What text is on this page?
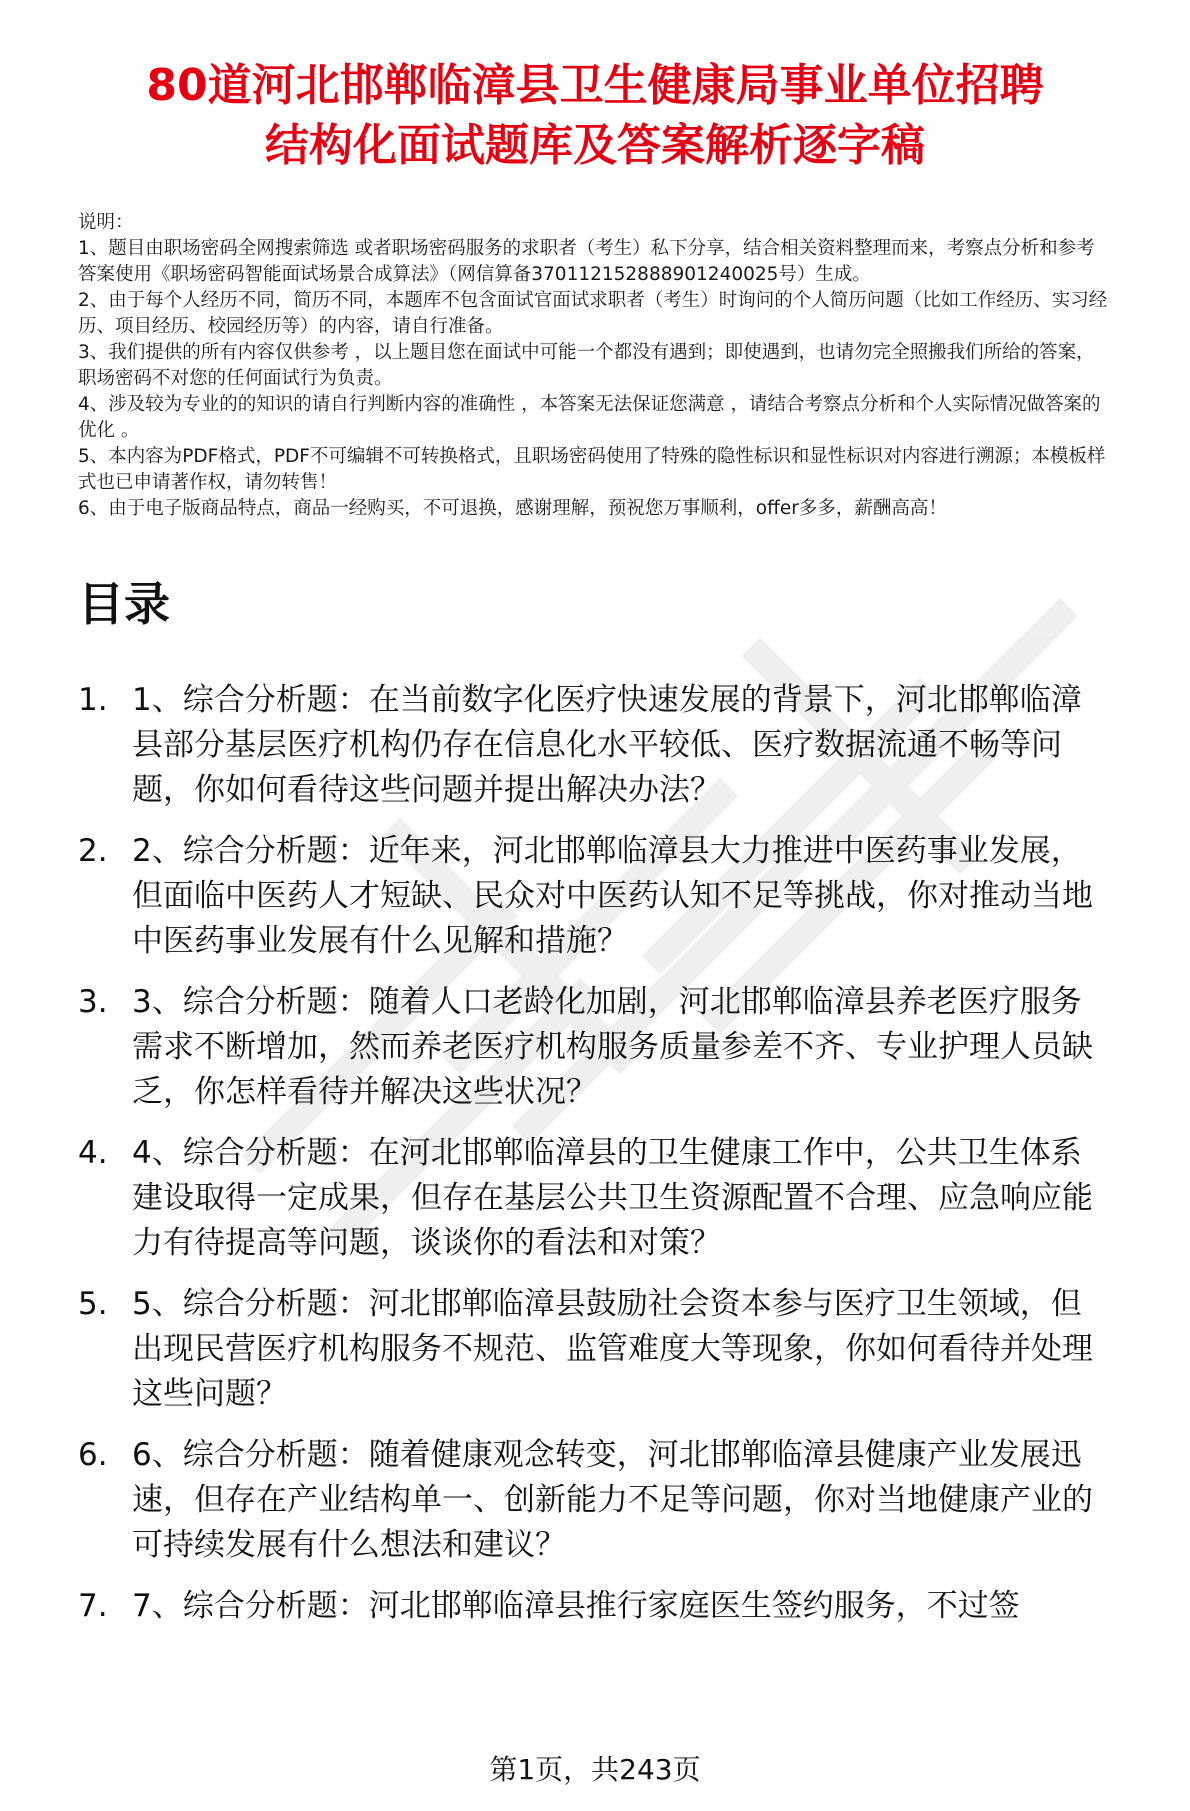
80道河北邯郸临漳县卫生健康局事业单位招聘
结构化面试题库及答案解析逐字稿

说明：

1、题目由职场密码全网搜索筛选 或者职场密码服务的求职者（考生）私下分享，结合相关资料整理而来，考察点分析和参考答案使用《职场密码智能面试场景合成算法》（网信算备370112152888901240025号）生成。

2、由于每个人经历不同，简历不同，本题库不包含面试官面试求职者（考生）时询问的个人简历问题（比如工作经历、实习经历、项目经历、校园经历等）的内容，请自行准备。

3、我们提供的所有内容仅供参考 ，以上题目您在面试中可能一个都没有遇到；即使遇到，也请勿完全照搬我们所给的答案，职场密码不对您的任何面试行为负责。

4、涉及较为专业的的知识的请自行判断内容的准确性 ，本答案无法保证您满意 ，请结合考察点分析和个人实际情况做答案的优化 。

5、本内容为PDF格式，PDF不可编辑不可转换格式，且职场密码使用了特殊的隐性标识和显性标识对内容进行溯源；本模板样式也已申请著作权，请勿转售！

6、由于电子版商品特点，商品一经购买，不可退换，感谢理解，预祝您万事顺利，offer多多，薪酬高高！

目录
1. 1、综合分析题：在当前数字化医疗快速发展的背景下，河北邯郸临漳县部分基层医疗机构仍存在信息化水平较低、医疗数据流通不畅等问题，你如何看待这些问题并提出解决办法？
2. 2、综合分析题：近年来，河北邯郸临漳县大力推进中医药事业发展，但面临中医药人才短缺、民众对中医药认知不足等挑战，你对推动当地中医药事业发展有什么见解和措施？
3. 3、综合分析题：随着人口老龄化加剧，河北邯郸临漳县养老医疗服务需求不断增加，然而养老医疗机构服务质量参差不齐、专业护理人员缺乏，你怎样看待并解决这些状况？
4. 4、综合分析题：在河北邯郸临漳县的卫生健康工作中，公共卫生体系建设取得一定成果，但存在基层公共卫生资源配置不合理、应急响应能力有待提高等问题，谈谈你的看法和对策？
5. 5、综合分析题：河北邯郸临漳县鼓励社会资本参与医疗卫生领域，但出现民营医疗机构服务不规范、监管难度大等现象，你如何看待并处理这些问题？
6. 6、综合分析题：随着健康观念转变，河北邯郸临漳县健康产业发展迅速，但存在产业结构单一、创新能力不足等问题，你对当地健康产业的可持续发展有什么想法和建议？
7. 7、综合分析题：河北邯郸临漳县推行家庭医生签约服务，不过签
第1页，共243页
